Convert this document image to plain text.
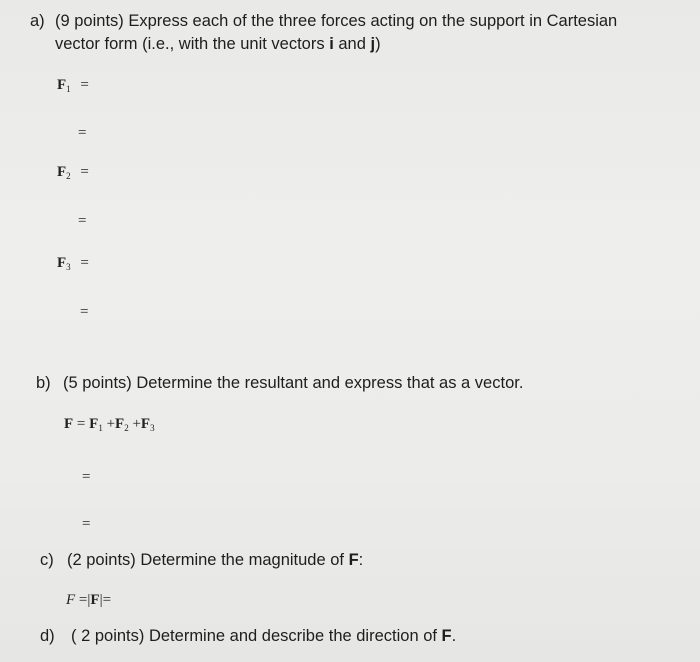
a) (9 points) Express each of the three forces acting on the support in Cartesian
vector form (i.e., with the unit vectors i and j)
$F_1$ =
=
$F_2$ =
=
$F_3$ =
=
b) (5 points) Determine the resultant and express that as a vector.
$F = F_1 +F_2 +F_3$
=
=
c) (2 points) Determine the magnitude of F:
F =|F|=
d) ( 2 points) Determine and describe the direction of F.
